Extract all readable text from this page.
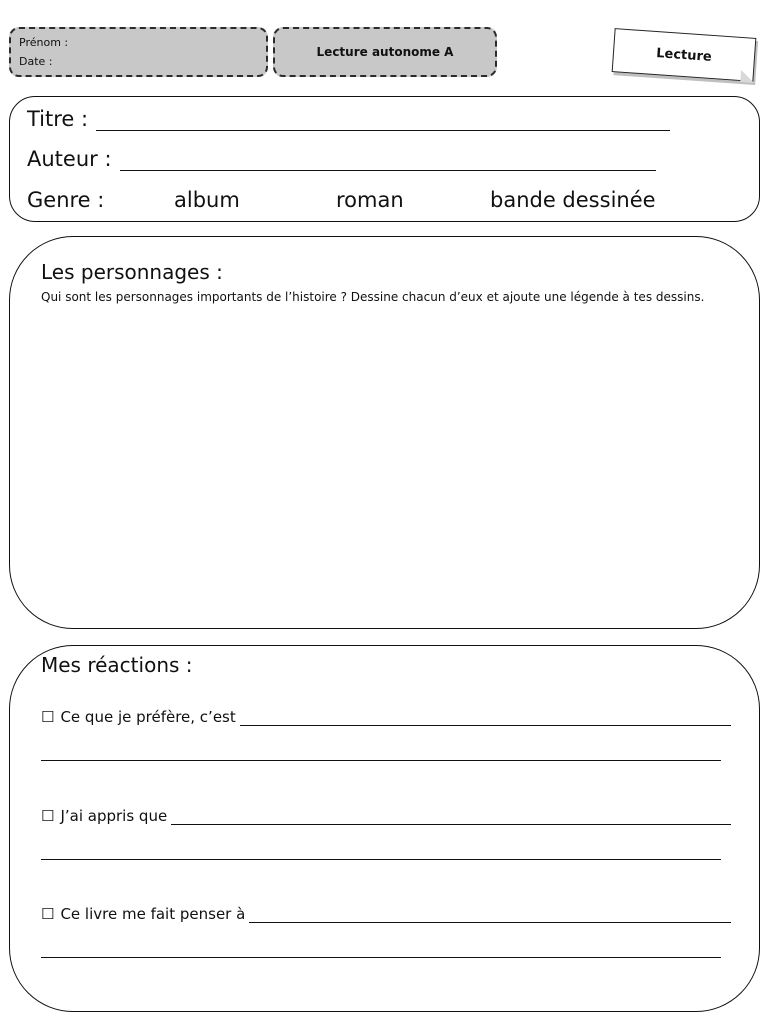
Prénom :
Date :
Lecture autonome A	Lecture
Titre :
Auteur :
Genre :	album	roman	bande dessinée
Les personnages :
Qui sont les personnages importants de l’histoire ? Dessine chacun d’eux et ajoute une légende à tes dessins.
Mes réactions :
☐ Ce que je préfère, c’est
☐ J’ai appris que
☐ Ce livre me fait penser à
